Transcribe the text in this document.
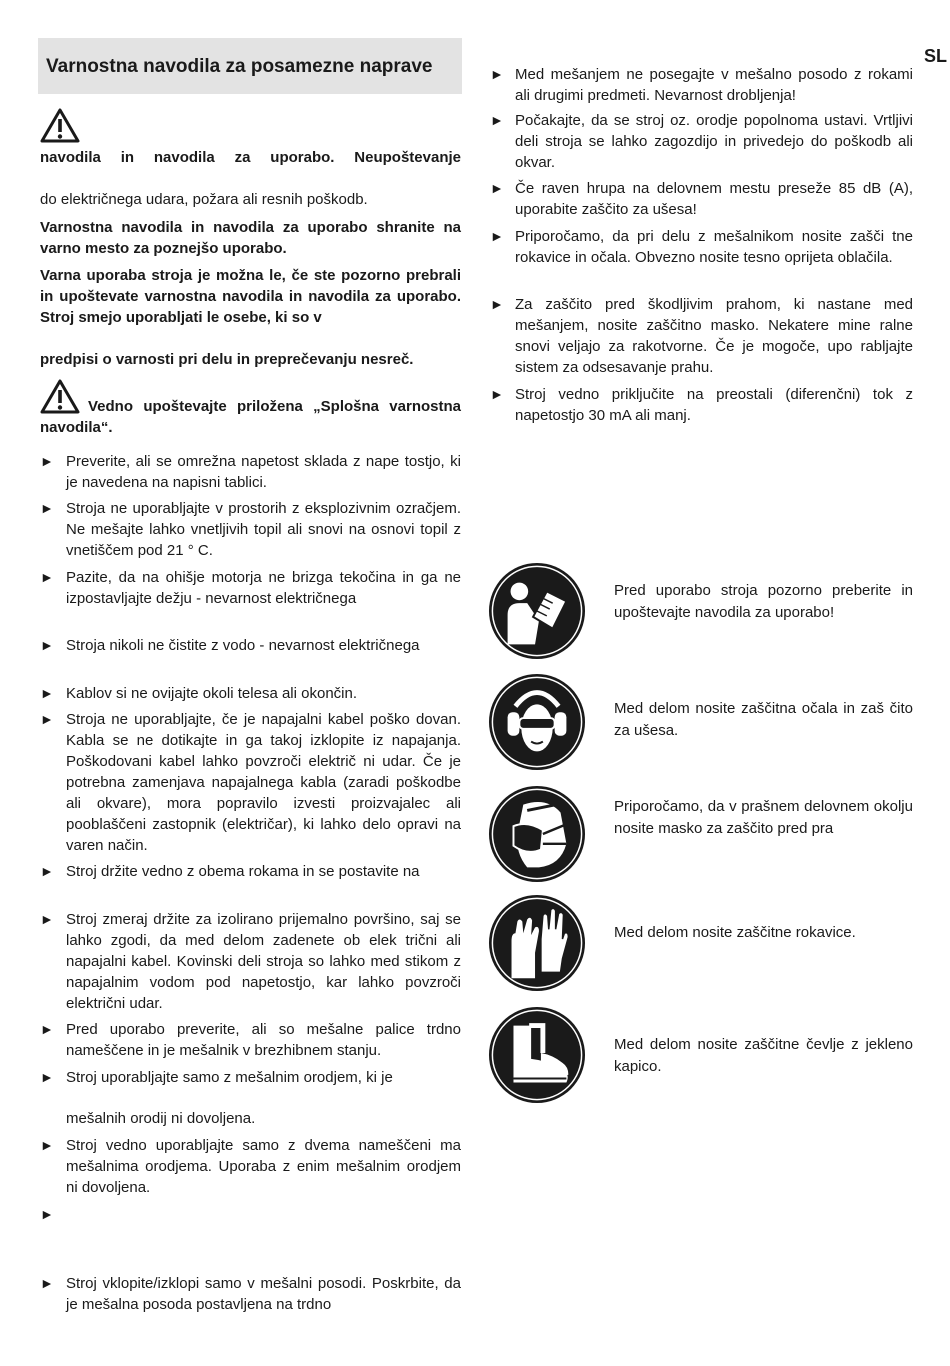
SL
Varnostna navodila za posamezne naprave
navodila in navodila za uporabo. Neupoštevanje
do električnega udara, požara ali resnih poškodb.
Varnostna navodila in navodila za uporabo shranite na varno mesto za poznejšo uporabo.
Varna uporaba stroja je možna le, če ste pozorno prebrali in upoštevate varnostna navodila in navodila za uporabo. Stroj smejo uporabljati le osebe, ki so v
predpisi o varnosti pri delu in preprečevanju nesreč.
Vedno upoštevajte priložena „Splošna varnostna navodila“.
► Preverite, ali se omrežna napetost sklada z nape tostjo, ki je navedena na napisni tablici.
► Stroja ne uporabljajte v prostorih z eksplozivnim ozračjem. Ne mešajte lahko vnetljivih topil ali snovi na osnovi topil z vnetiščem pod 21 ° C.
► Pazite, da na ohišje motorja ne brizga tekočina in ga ne izpostavljajte dežju - nevarnost električnega
► Stroja nikoli ne čistite z vodo - nevarnost električnega
► Kablov si ne ovijajte okoli telesa ali okončin.
► Stroja ne uporabljajte, če je napajalni kabel poško dovan. Kabla se ne dotikajte in ga takoj izklopite iz napajanja. Poškodovani kabel lahko povzroči električ ni udar. Če je potrebna zamenjava napajalnega kabla (zaradi poškodbe ali okvare), mora popravilo izvesti proizvajalec ali pooblaščeni zastopnik (električar), ki lahko delo opravi na varen način.
► Stroj držite vedno z obema rokama in se postavite na
► Stroj zmeraj držite za izolirano prijemalno površino, saj se lahko zgodi, da med delom zadenete ob elek trični ali napajalni kabel. Kovinski deli stroja so lahko med stikom z napajalnim vodom pod napetostjo, kar lahko povzroči električni udar.
► Pred uporabo preverite, ali so mešalne palice trdno nameščene in je mešalnik v brezhibnem stanju.
► Stroj uporabljajte samo z mešalnim orodjem, ki je
mešalnih orodij ni dovoljena.
► Stroj vedno uporabljajte samo z dvema nameščeni ma mešalnima orodjema. Uporaba z enim mešalnim orodjem ni dovoljena.
►
► Stroj vklopite/izklopi samo v mešalni posodi. Poskrbite, da je mešalna posoda postavljena na trdno
► Med mešanjem ne posegajte v mešalno posodo z rokami ali drugimi predmeti. Nevarnost drobljenja!
► Počakajte, da se stroj oz. orodje popolnoma ustavi. Vrtljivi deli stroja se lahko zagozdijo in privedejo do poškodb ali okvar.
► Če raven hrupa na delovnem mestu preseže 85 dB (A), uporabite zaščito za ušesa!
► Priporočamo, da pri delu z mešalnikom nosite zašči tne rokavice in očala. Obvezno nosite tesno oprijeta oblačila.
► Za zaščito pred škodljivim prahom, ki nastane med mešanjem, nosite zaščitno masko. Nekatere mine ralne snovi veljajo za rakotvorne. Če je mogoče, upo rabljajte sistem za odsesavanje prahu.
► Stroj vedno priključite na preostali (diferenčni) tok z napetostjo 30 mA ali manj.
Pred uporabo stroja pozorno preberite in upoštevajte navodila za uporabo!
Med delom nosite zaščitna očala in zaš čito za ušesa.
Priporočamo, da v prašnem delovnem okolju nosite masko za zaščito pred pra
Med delom nosite zaščitne rokavice.
Med delom nosite zaščitne čevlje z jekleno kapico.
